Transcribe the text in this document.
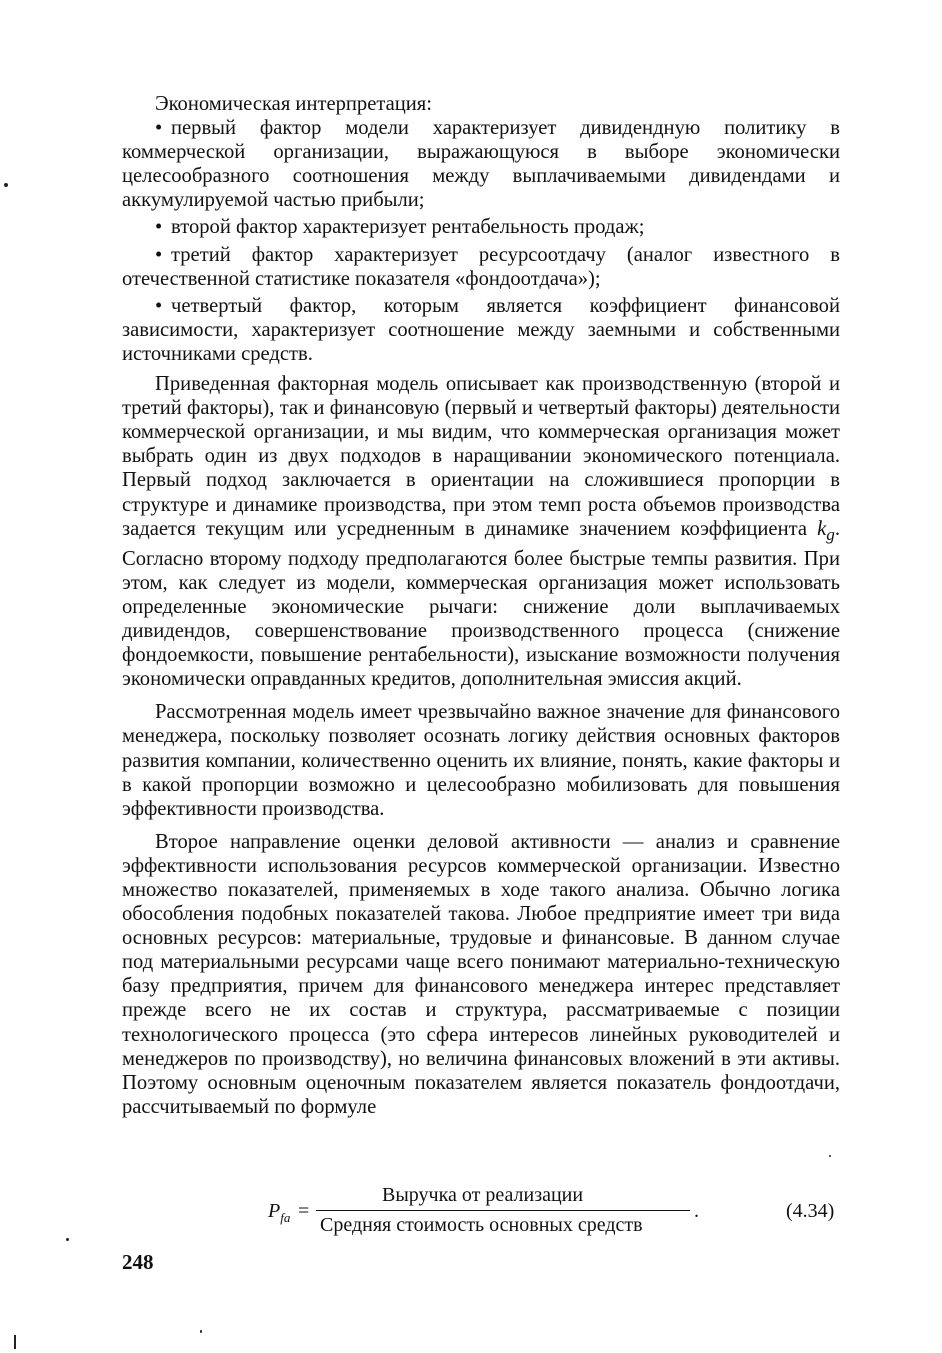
Экономическая интерпретация:

• первый фактор модели характеризует дивидендную политику в коммерческой организации, выражающуюся в выборе экономически целесообразного соотношения между выплачиваемыми дивидендами и аккумулируемой частью прибыли;

• второй фактор характеризует рентабельность продаж;

• третий фактор характеризует ресурсоотдачу (аналог известного в отечественной статистике показателя «фондоотдача»);

• четвертый фактор, которым является коэффициент финансовой зависимости, характеризует соотношение между заемными и собственными источниками средств.

Приведенная факторная модель описывает как производственную (второй и третий факторы), так и финансовую (первый и четвертый факторы) деятельности коммерческой организации, и мы видим, что коммерческая организация может выбрать один из двух подходов в наращивании экономического потенциала. Первый подход заключается в ориентации на сложившиеся пропорции в структуре и динамике производства, при этом темп роста объемов производства задается текущим или усредненным в динамике значением коэффициента $k_g$. Согласно второму подходу предполагаются более быстрые темпы развития. При этом, как следует из модели, коммерческая организация может использовать определенные экономические рычаги: снижение доли выплачиваемых дивидендов, совершенствование производственного процесса (снижение фондоемкости, повышение рентабельности), изыскание возможности получения экономически оправданных кредитов, дополнительная эмиссия акций.

Рассмотренная модель имеет чрезвычайно важное значение для финансового менеджера, поскольку позволяет осознать логику действия основных факторов развития компании, количественно оценить их влияние, понять, какие факторы и в какой пропорции возможно и целесообразно мобилизовать для повышения эффективности производства.

Второе направление оценки деловой активности — анализ и сравнение эффективности использования ресурсов коммерческой организации. Известно множество показателей, применяемых в ходе такого анализа. Обычно логика обособления подобных показателей такова. Любое предприятие имеет три вида основных ресурсов: материальные, трудовые и финансовые. В данном случае под материальными ресурсами чаще всего понимают материально-техническую базу предприятия, причем для финансового менеджера интерес представляет прежде всего не их состав и структура, рассматриваемые с позиции технологического процесса (это сфера интересов линейных руководителей и менеджеров по производству), но величина финансовых вложений в эти активы. Поэтому основным оценочным показателем является показатель фондоотдачи, рассчитываемый по формуле

$P_{fa}$ =
Выручка от реализации
Средняя стоимость основных средств
.	(4.34)
248
